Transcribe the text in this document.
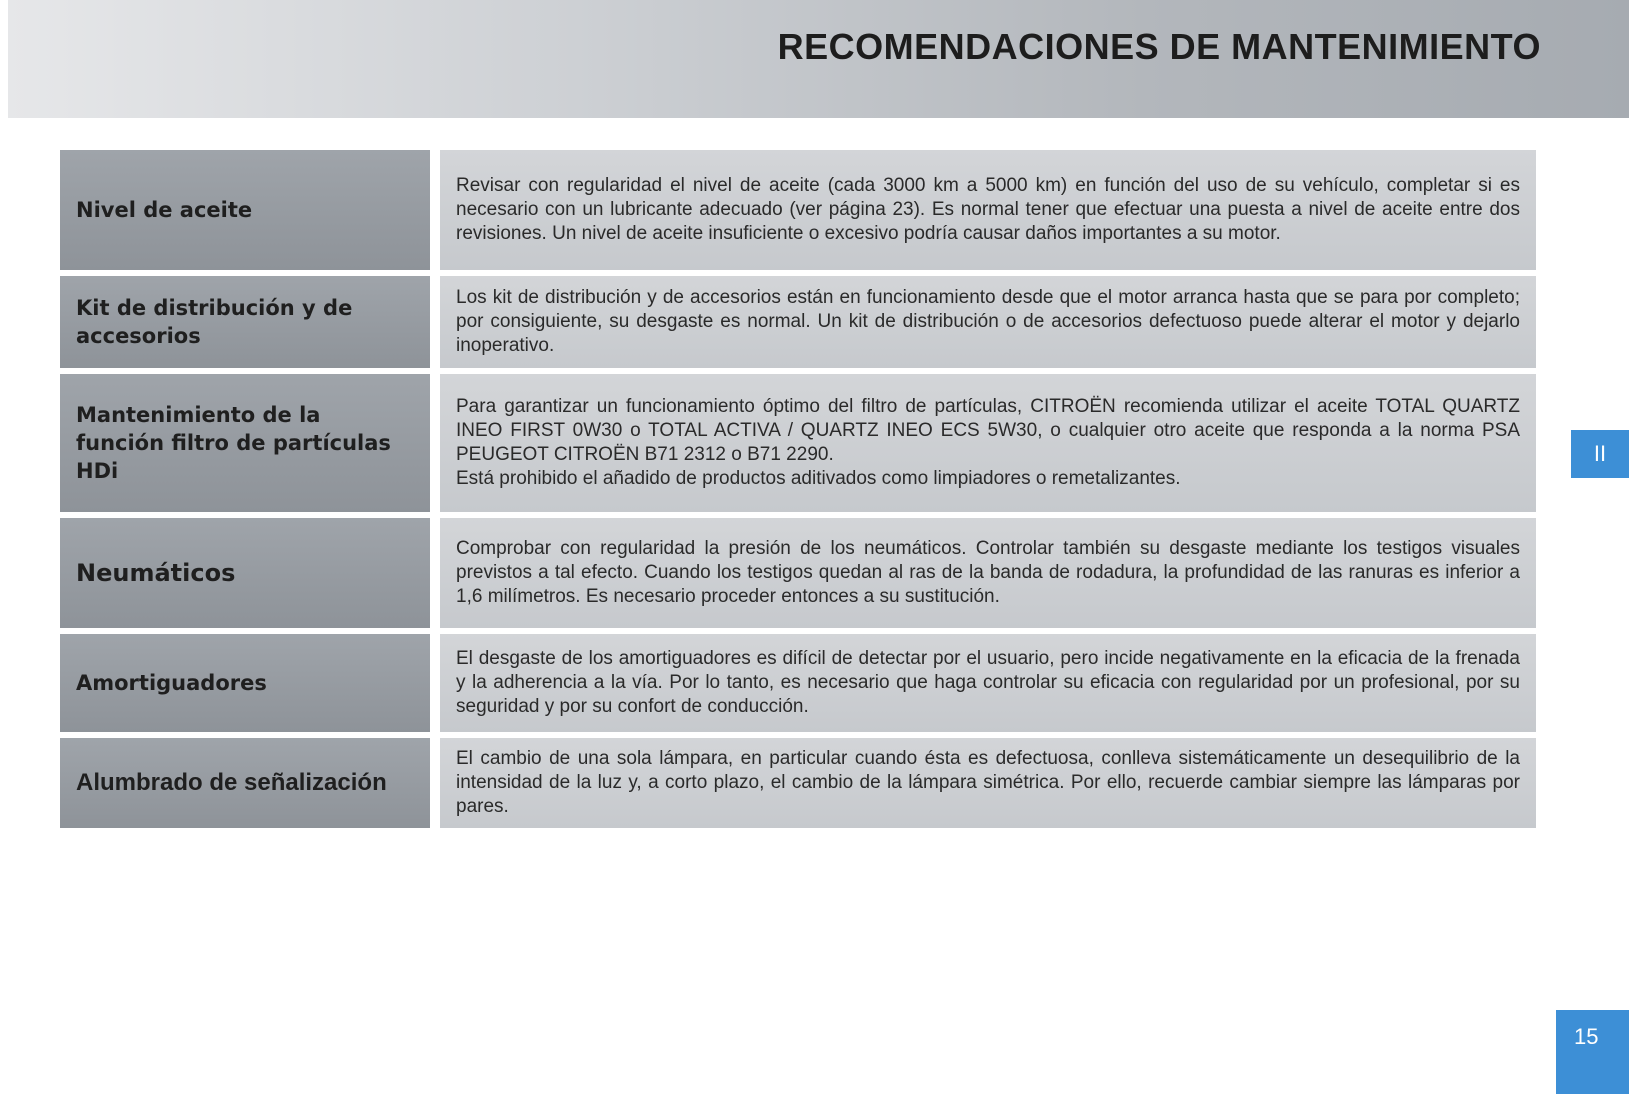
RECOMENDACIONES DE MANTENIMIENTO
Nivel de aceite

Revisar con regularidad el nivel de aceite (cada 3000 km a 5000 km) en función del uso de su vehículo, completar si es necesario con un lubricante adecuado (ver página 23). Es normal tener que efectuar una puesta a nivel de aceite entre dos revisiones. Un nivel de aceite insuficiente o excesivo podría causar daños importantes a su motor.

Kit de distribución y de accesorios

Los kit de distribución y de accesorios están en funcionamiento desde que el motor arranca hasta que se para por completo; por consiguiente, su desgaste es normal. Un kit de distribución o de accesorios defectuoso puede alterar el motor y dejarlo inoperativo.

Mantenimiento de la función filtro de partículas HDi

Para garantizar un funcionamiento óptimo del filtro de partículas, CITROËN recomienda utilizar el aceite TOTAL QUARTZ INEO FIRST 0W30 o TOTAL ACTIVA / QUARTZ INEO ECS 5W30, o cualquier otro aceite que responda a la norma PSA PEUGEOT CITROËN B71 2312 o B71 2290.

Está prohibido el añadido de productos aditivados como limpiadores o remetalizantes.

Neumáticos

Comprobar con regularidad la presión de los neumáticos. Controlar también su desgaste mediante los testigos visuales previstos a tal efecto. Cuando los testigos quedan al ras de la banda de rodadura, la profundidad de las ranuras es inferior a 1,6 milímetros. Es necesario proceder entonces a su sustitución.

Amortiguadores

El desgaste de los amortiguadores es difícil de detectar por el usuario, pero incide negativamente en la eficacia de la frenada y la adherencia a la vía. Por lo tanto, es necesario que haga controlar su eficacia con regularidad por un profesional, por su seguridad y por su confort de conducción.

Alumbrado de señalización

El cambio de una sola lámpara, en particular cuando ésta es defectuosa, conlleva sistemáticamente un desequilibrio de la intensidad de la luz y, a corto plazo, el cambio de la lámpara simétrica. Por ello, recuerde cambiar siempre las lámparas por pares.

II
15
